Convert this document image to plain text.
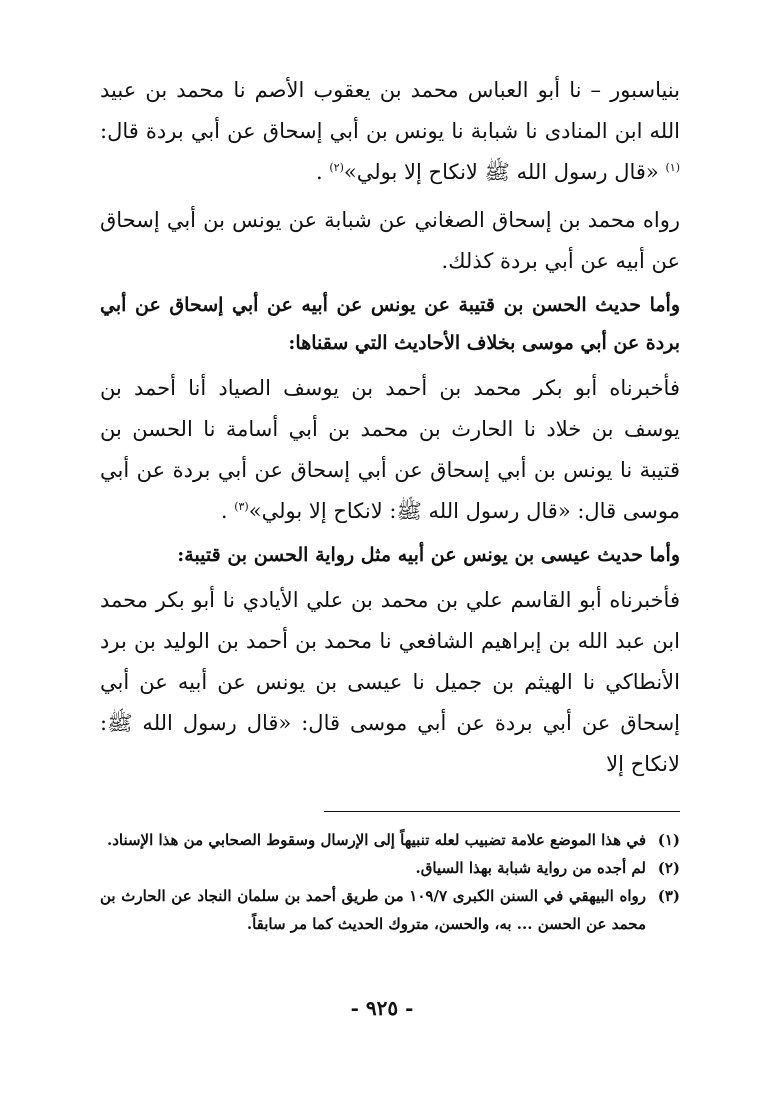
بنياسبور – نا أبو العباس محمد بن يعقوب الأصم نا محمد بن عبيد الله ابن المنادى نا شبابة نا يونس بن أبي إسحاق عن أبي بردة قال:$^{(١)}$ «قال رسول الله ﷺ لانكاح إلا بولي»$^{(٢)}$ .

رواه محمد بن إسحاق الصغاني عن شبابة عن يونس بن أبي إسحاق عن أبيه عن أبي بردة كذلك.

وأما حديث الحسن بن قتيبة عن يونس عن أبيه عن أبي إسحاق عن أبي بردة عن أبي موسى بخلاف الأحاديث التي سقناها:

فأخبرناه أبو بكر محمد بن أحمد بن يوسف الصياد أنا أحمد بن يوسف بن خلاد نا الحارث بن محمد بن أبي أسامة نا الحسن بن قتيبة نا يونس بن أبي إسحاق عن أبي إسحاق عن أبي بردة عن أبي موسى قال: «قال رسول الله ﷺ: لانكاح إلا بولي»$^{(٣)}$ .

وأما حديث عيسى بن يونس عن أبيه مثل رواية الحسن بن قتيبة:

فأخبرناه أبو القاسم علي بن محمد بن علي الأيادي نا أبو بكر محمد ابن عبد الله بن إبراهيم الشافعي نا محمد بن أحمد بن الوليد بن برد الأنطاكي نا الهيثم بن جميل نا عيسى بن يونس عن أبيه عن أبي إسحاق عن أبي بردة عن أبي موسى قال: «قال رسول الله ﷺ: لانكاح إلا

(١)
في هذا الموضع علامة تضبيب لعله تنبيهاً إلى الإرسال وسقوط الصحابي من هذا الإسناد.
(٢)
لم أجده من رواية شبابة بهذا السياق.
(٣)
رواه البيهقي في السنن الكبرى ١٠٩/٧ من طريق أحمد بن سلمان النجاد عن الحارث بن محمد عن الحسن ... به، والحسن، متروك الحديث كما مر سابقاً.
- ٩٢٥ -
